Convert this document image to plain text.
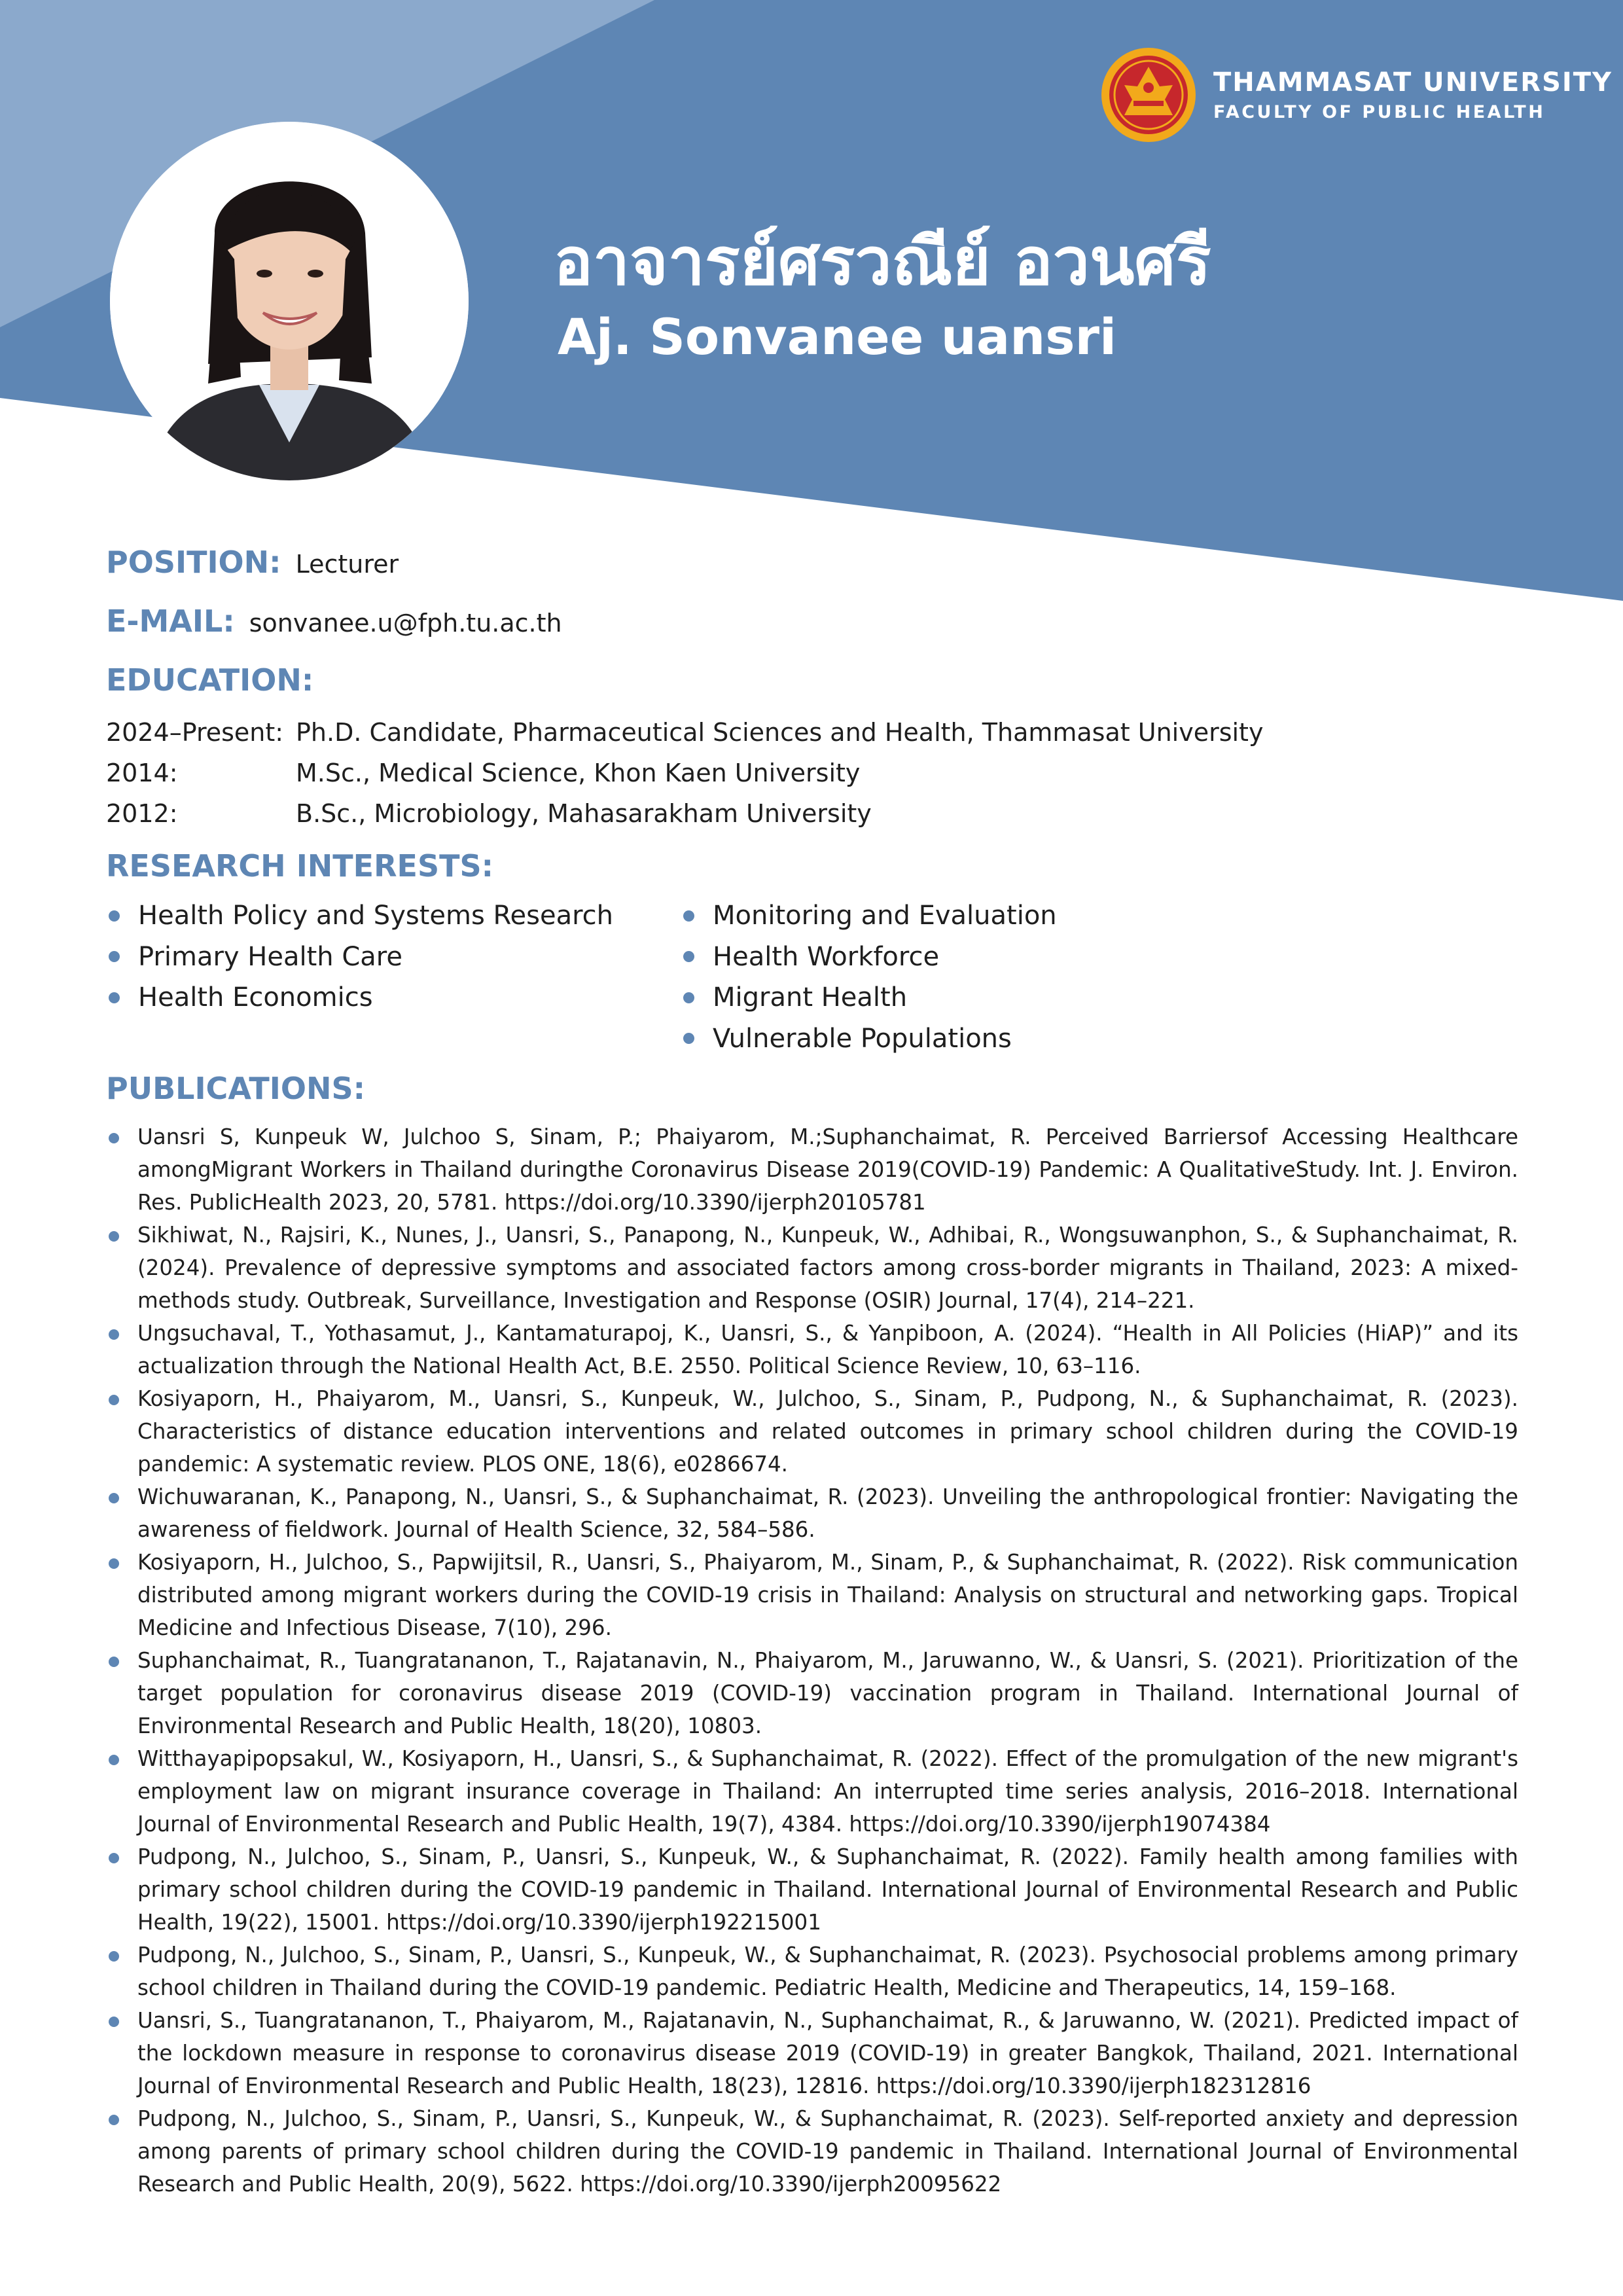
THAMMASAT UNIVERSITY
FACULTY OF PUBLIC HEALTH
อาจารย์ศรวณีย์ อวนศรี
Aj. Sonvanee uansri
POSITION: Lecturer
E-MAIL: sonvanee.u@fph.tu.ac.th
EDUCATION:
2024–Present: Ph.D. Candidate, Pharmaceutical Sciences and Health, Thammasat University
2014:	M.Sc., Medical Science, Khon Kaen University
2012:	B.Sc., Microbiology, Mahasarakham University
RESEARCH INTERESTS:
Health Policy and Systems Research
Primary Health Care
Health Economics
Monitoring and Evaluation
Health Workforce
Migrant Health
Vulnerable Populations
PUBLICATIONS:
Uansri S, Kunpeuk W, Julchoo S, Sinam, P.; Phaiyarom, M.;Suphanchaimat, R. Perceived Barriersof Accessing Healthcare amongMigrant Workers in Thailand duringthe Coronavirus Disease 2019(COVID-19) Pandemic: A QualitativeStudy. Int. J. Environ. Res. PublicHealth 2023, 20, 5781. https://doi.org/10.3390/ijerph20105781
Sikhiwat, N., Rajsiri, K., Nunes, J., Uansri, S., Panapong, N., Kunpeuk, W., Adhibai, R., Wongsuwanphon, S., & Suphanchaimat, R. (2024). Prevalence of depressive symptoms and associated factors among cross-border migrants in Thailand, 2023: A mixed-methods study. Outbreak, Surveillance, Investigation and Response (OSIR) Journal, 17(4), 214–221.
Ungsuchaval, T., Yothasamut, J., Kantamaturapoj, K., Uansri, S., & Yanpiboon, A. (2024). “Health in All Policies (HiAP)” and its actualization through the National Health Act, B.E. 2550. Political Science Review, 10, 63–116.
Kosiyaporn, H., Phaiyarom, M., Uansri, S., Kunpeuk, W., Julchoo, S., Sinam, P., Pudpong, N., & Suphanchaimat, R. (2023). Characteristics of distance education interventions and related outcomes in primary school children during the COVID-19 pandemic: A systematic review. PLOS ONE, 18(6), e0286674.
Wichuwaranan, K., Panapong, N., Uansri, S., & Suphanchaimat, R. (2023). Unveiling the anthropological frontier: Navigating the awareness of fieldwork. Journal of Health Science, 32, 584–586.
Kosiyaporn, H., Julchoo, S., Papwijitsil, R., Uansri, S., Phaiyarom, M., Sinam, P., & Suphanchaimat, R. (2022). Risk communication distributed among migrant workers during the COVID-19 crisis in Thailand: Analysis on structural and networking gaps. Tropical Medicine and Infectious Disease, 7(10), 296.
Suphanchaimat, R., Tuangratananon, T., Rajatanavin, N., Phaiyarom, M., Jaruwanno, W., & Uansri, S. (2021). Prioritization of the target population for coronavirus disease 2019 (COVID-19) vaccination program in Thailand. International Journal of Environmental Research and Public Health, 18(20), 10803.
Witthayapipopsakul, W., Kosiyaporn, H., Uansri, S., & Suphanchaimat, R. (2022). Effect of the promulgation of the new migrant's employment law on migrant insurance coverage in Thailand: An interrupted time series analysis, 2016–2018. International Journal of Environmental Research and Public Health, 19(7), 4384. https://doi.org/10.3390/ijerph19074384
Pudpong, N., Julchoo, S., Sinam, P., Uansri, S., Kunpeuk, W., & Suphanchaimat, R. (2022). Family health among families with primary school children during the COVID-19 pandemic in Thailand. International Journal of Environmental Research and Public Health, 19(22), 15001. https://doi.org/10.3390/ijerph192215001
Pudpong, N., Julchoo, S., Sinam, P., Uansri, S., Kunpeuk, W., & Suphanchaimat, R. (2023). Psychosocial problems among primary school children in Thailand during the COVID-19 pandemic. Pediatric Health, Medicine and Therapeutics, 14, 159–168.
Uansri, S., Tuangratananon, T., Phaiyarom, M., Rajatanavin, N., Suphanchaimat, R., & Jaruwanno, W. (2021). Predicted impact of the lockdown measure in response to coronavirus disease 2019 (COVID-19) in greater Bangkok, Thailand, 2021. International Journal of Environmental Research and Public Health, 18(23), 12816. https://doi.org/10.3390/ijerph182312816
Pudpong, N., Julchoo, S., Sinam, P., Uansri, S., Kunpeuk, W., & Suphanchaimat, R. (2023). Self-reported anxiety and depression among parents of primary school children during the COVID-19 pandemic in Thailand. International Journal of Environmental Research and Public Health, 20(9), 5622. https://doi.org/10.3390/ijerph20095622
